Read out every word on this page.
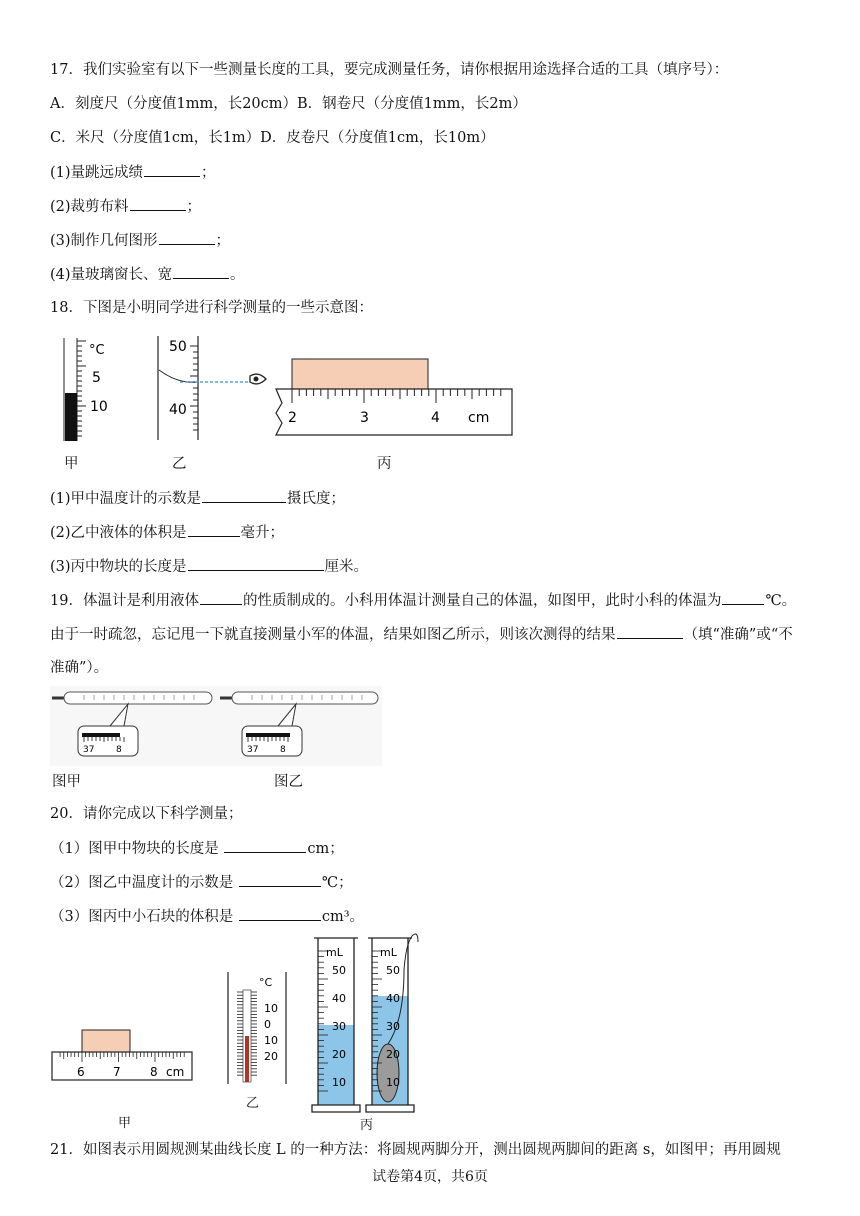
17．我们实验室有以下一些测量长度的工具，要完成测量任务，请你根据用途选择合适的工具（填序号）：
A．刻度尺（分度值1mm，长20cm）B．钢卷尺（分度值1mm，长2m）
C．米尺（分度值1cm，长1m）D．皮卷尺（分度值1cm，长10m）
(1)量跳远成绩	；
(2)裁剪布料	；
(3)制作几何图形	；
(4)量玻璃窗长、宽	。
18．下图是小明同学进行科学测量的一些示意图：
°C
5
10
甲
50
40
乙
2	3	4 cm
丙
(1)甲中温度计的示数是	摄氏度；
(2)乙中液体的体积是	毫升；
(3)丙中物块的长度是	厘米。
19．体温计是利用液体	的性质制成的。小科用体温计测量自己的体温，如图甲，此时小科的体温为	℃。
由于一时疏忽，忘记甩一下就直接测量小军的体温，结果如图乙所示，则该次测得的结果	（填“准确”或“不
准确”）。
37 8	37 8
图甲	图乙
20．请你完成以下科学测量；
（1）图甲中物块的长度是	cm；
（2）图乙中温度计的示数是	℃；
（3）图丙中小石块的体积是	cm³。
6 7 8 cm
甲
°C
10
0
10
20
乙
mL
50
40
30
20
10
mL
50
40
30
20
10
丙
21．如图表示用圆规测某曲线长度 L 的一种方法：将圆规两脚分开，测出圆规两脚间的距离 s，如图甲；再用圆规
试卷第4页，共6页
